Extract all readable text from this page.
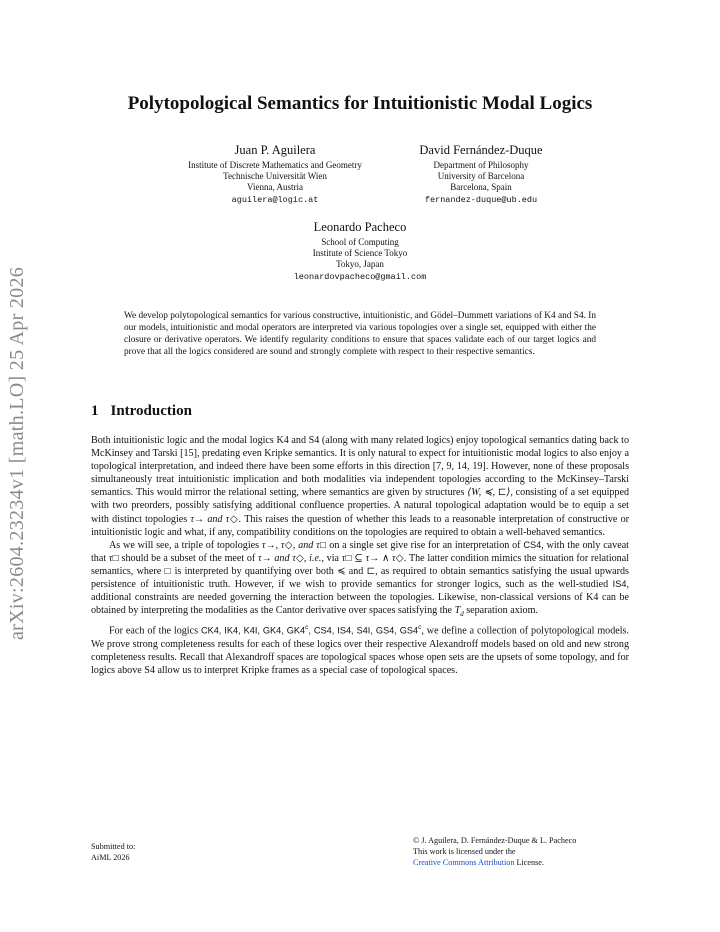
arXiv:2604.23234v1 [math.LO] 25 Apr 2026
Polytopological Semantics for Intuitionistic Modal Logics
Juan P. Aguilera
Institute of Discrete Mathematics and Geometry
Technische Universität Wien
Vienna, Austria
aguilera@logic.at
David Fernández-Duque
Department of Philosophy
University of Barcelona
Barcelona, Spain
fernandez-duque@ub.edu
Leonardo Pacheco
School of Computing
Institute of Science Tokyo
Tokyo, Japan
leonardovpacheco@gmail.com
We develop polytopological semantics for various constructive, intuitionistic, and Gödel–Dummett variations of K4 and S4. In our models, intuitionistic and modal operators are interpreted via various topologies over a single set, equipped with either the closure or derivative operators. We identify regularity conditions to ensure that spaces validate each of our target logics and prove that all the logics considered are sound and strongly complete with respect to their respective semantics.
1 Introduction

Both intuitionistic logic and the modal logics K4 and S4 (along with many related logics) enjoy topological semantics dating back to McKinsey and Tarski [15], predating even Kripke semantics. It is only natural to expect for intuitionistic modal logics to also enjoy a topological interpretation, and indeed there have been some efforts in this direction [7, 9, 14, 19]. However, none of these proposals simultaneously treat intuitionistic implication and both modalities via independent topologies according to the McKinsey–Tarski semantics. This would mirror the relational setting, where semantics are given by structures ⟨W, ≼, ⊏⟩, consisting of a set equipped with two preorders, possibly satisfying additional confluence properties. A natural topological adaptation would be to equip a set with distinct topologies τ→ and τ◇. This raises the question of whether this leads to a reasonable interpretation of constructive or intuitionistic logic and what, if any, compatibility conditions on the topologies are required to obtain a well-behaved semantics.

As we will see, a triple of topologies τ→, τ◇, and τ□ on a single set give rise for an interpretation of CS4, with the only caveat that τ□ should be a subset of the meet of τ→ and τ◇, i.e., via τ□ ⊆ τ→ ∧ τ◇. The latter condition mimics the situation for relational semantics, where □ is interpreted by quantifying over both ≼ and ⊏, as required to obtain semantics satisfying the usual upwards persistence of intuitionistic truth. However, if we wish to provide semantics for stronger logics, such as the well-studied IS4, additional constraints are needed governing the interaction between the topologies. Likewise, non-classical versions of K4 can be obtained by interpreting the modalities as the Cantor derivative over spaces satisfying the $T_d$ separation axiom.

For each of the logics CK4, IK4, K4I, GK4, GK4$^c$, CS4, IS4, S4I, GS4, GS4$^c$, we define a collection of polytopological models. We prove strong completeness results for each of these logics over their respective Alexandroff models based on old and new strong completeness results. Recall that Alexandroff spaces are topological spaces whose open sets are the upsets of some topology, and for logics above S4 allow us to interpret Kripke frames as a special case of topological spaces.

Submitted to:
AiML 2026
© J. Aguilera, D. Fernández-Duque & L. Pacheco
This work is licensed under the
Creative Commons Attribution License.
